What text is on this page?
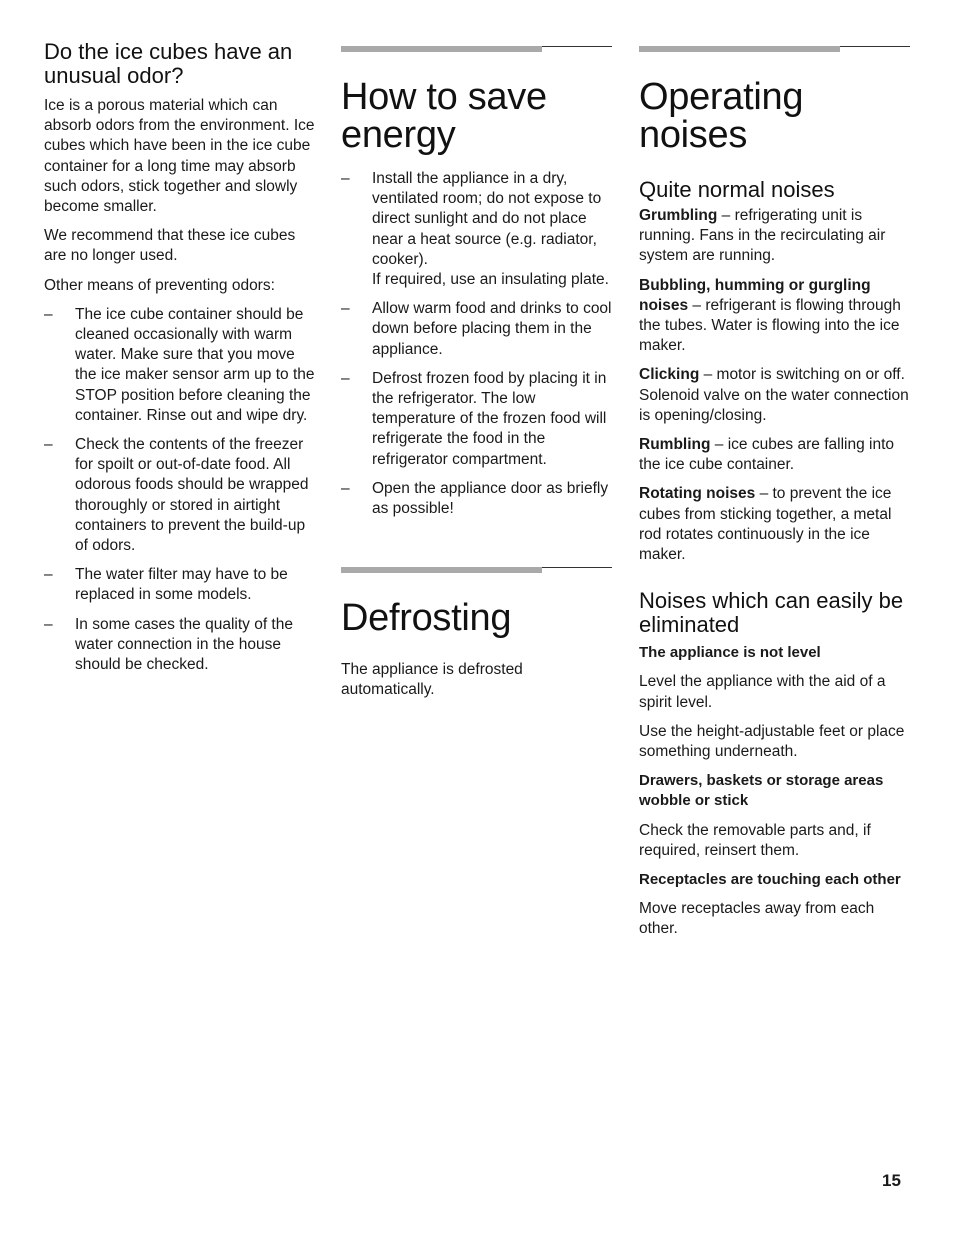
Do the ice cubes have an unusual odor?

Ice is a porous material which can absorb odors from the environment. Ice cubes which have been in the ice cube container for a long time may absorb such odors, stick together and slowly become smaller.

We recommend that these ice cubes are no longer used.

Other means of preventing odors:

– The ice cube container should be cleaned occasionally with warm water. Make sure that you move the ice maker sensor arm up to the STOP position before cleaning the container. Rinse out and wipe dry.
– Check the contents of the freezer for spoilt or out-of-date food. All odorous foods should be wrapped thoroughly or stored in airtight containers to prevent the build-up of odors.
– The water filter may have to be replaced in some models.
– In some cases the quality of the water connection in the house should be checked.
How to save energy
– Install the appliance in a dry, ventilated room; do not expose to direct sunlight and do not place near a heat source (e.g. radiator, cooker).
If required, use an insulating plate.
– Allow warm food and drinks to cool down before placing them in the appliance.
– Defrost frozen food by placing it in the refrigerator. The low temperature of the frozen food will refrigerate the food in the refrigerator compartment.
– Open the appliance door as briefly as possible!
Defrosting

The appliance is defrosted automatically.

Operating noises
Quite normal noises

Grumbling – refrigerating unit is running. Fans in the recirculating air system are running.

Bubbling, humming or gurgling noises – refrigerant is flowing through the tubes. Water is flowing into the ice maker.

Clicking – motor is switching on or off. Solenoid valve on the water connection is opening/closing.

Rumbling – ice cubes are falling into the ice cube container.

Rotating noises – to prevent the ice cubes from sticking together, a metal rod rotates continuously in the ice maker.

Noises which can easily be eliminated
The appliance is not level

Level the appliance with the aid of a spirit level.

Use the height-adjustable feet or place something underneath.

Drawers, baskets or storage areas wobble or stick

Check the removable parts and, if required, reinsert them.

Receptacles are touching each other

Move receptacles away from each other.

15
